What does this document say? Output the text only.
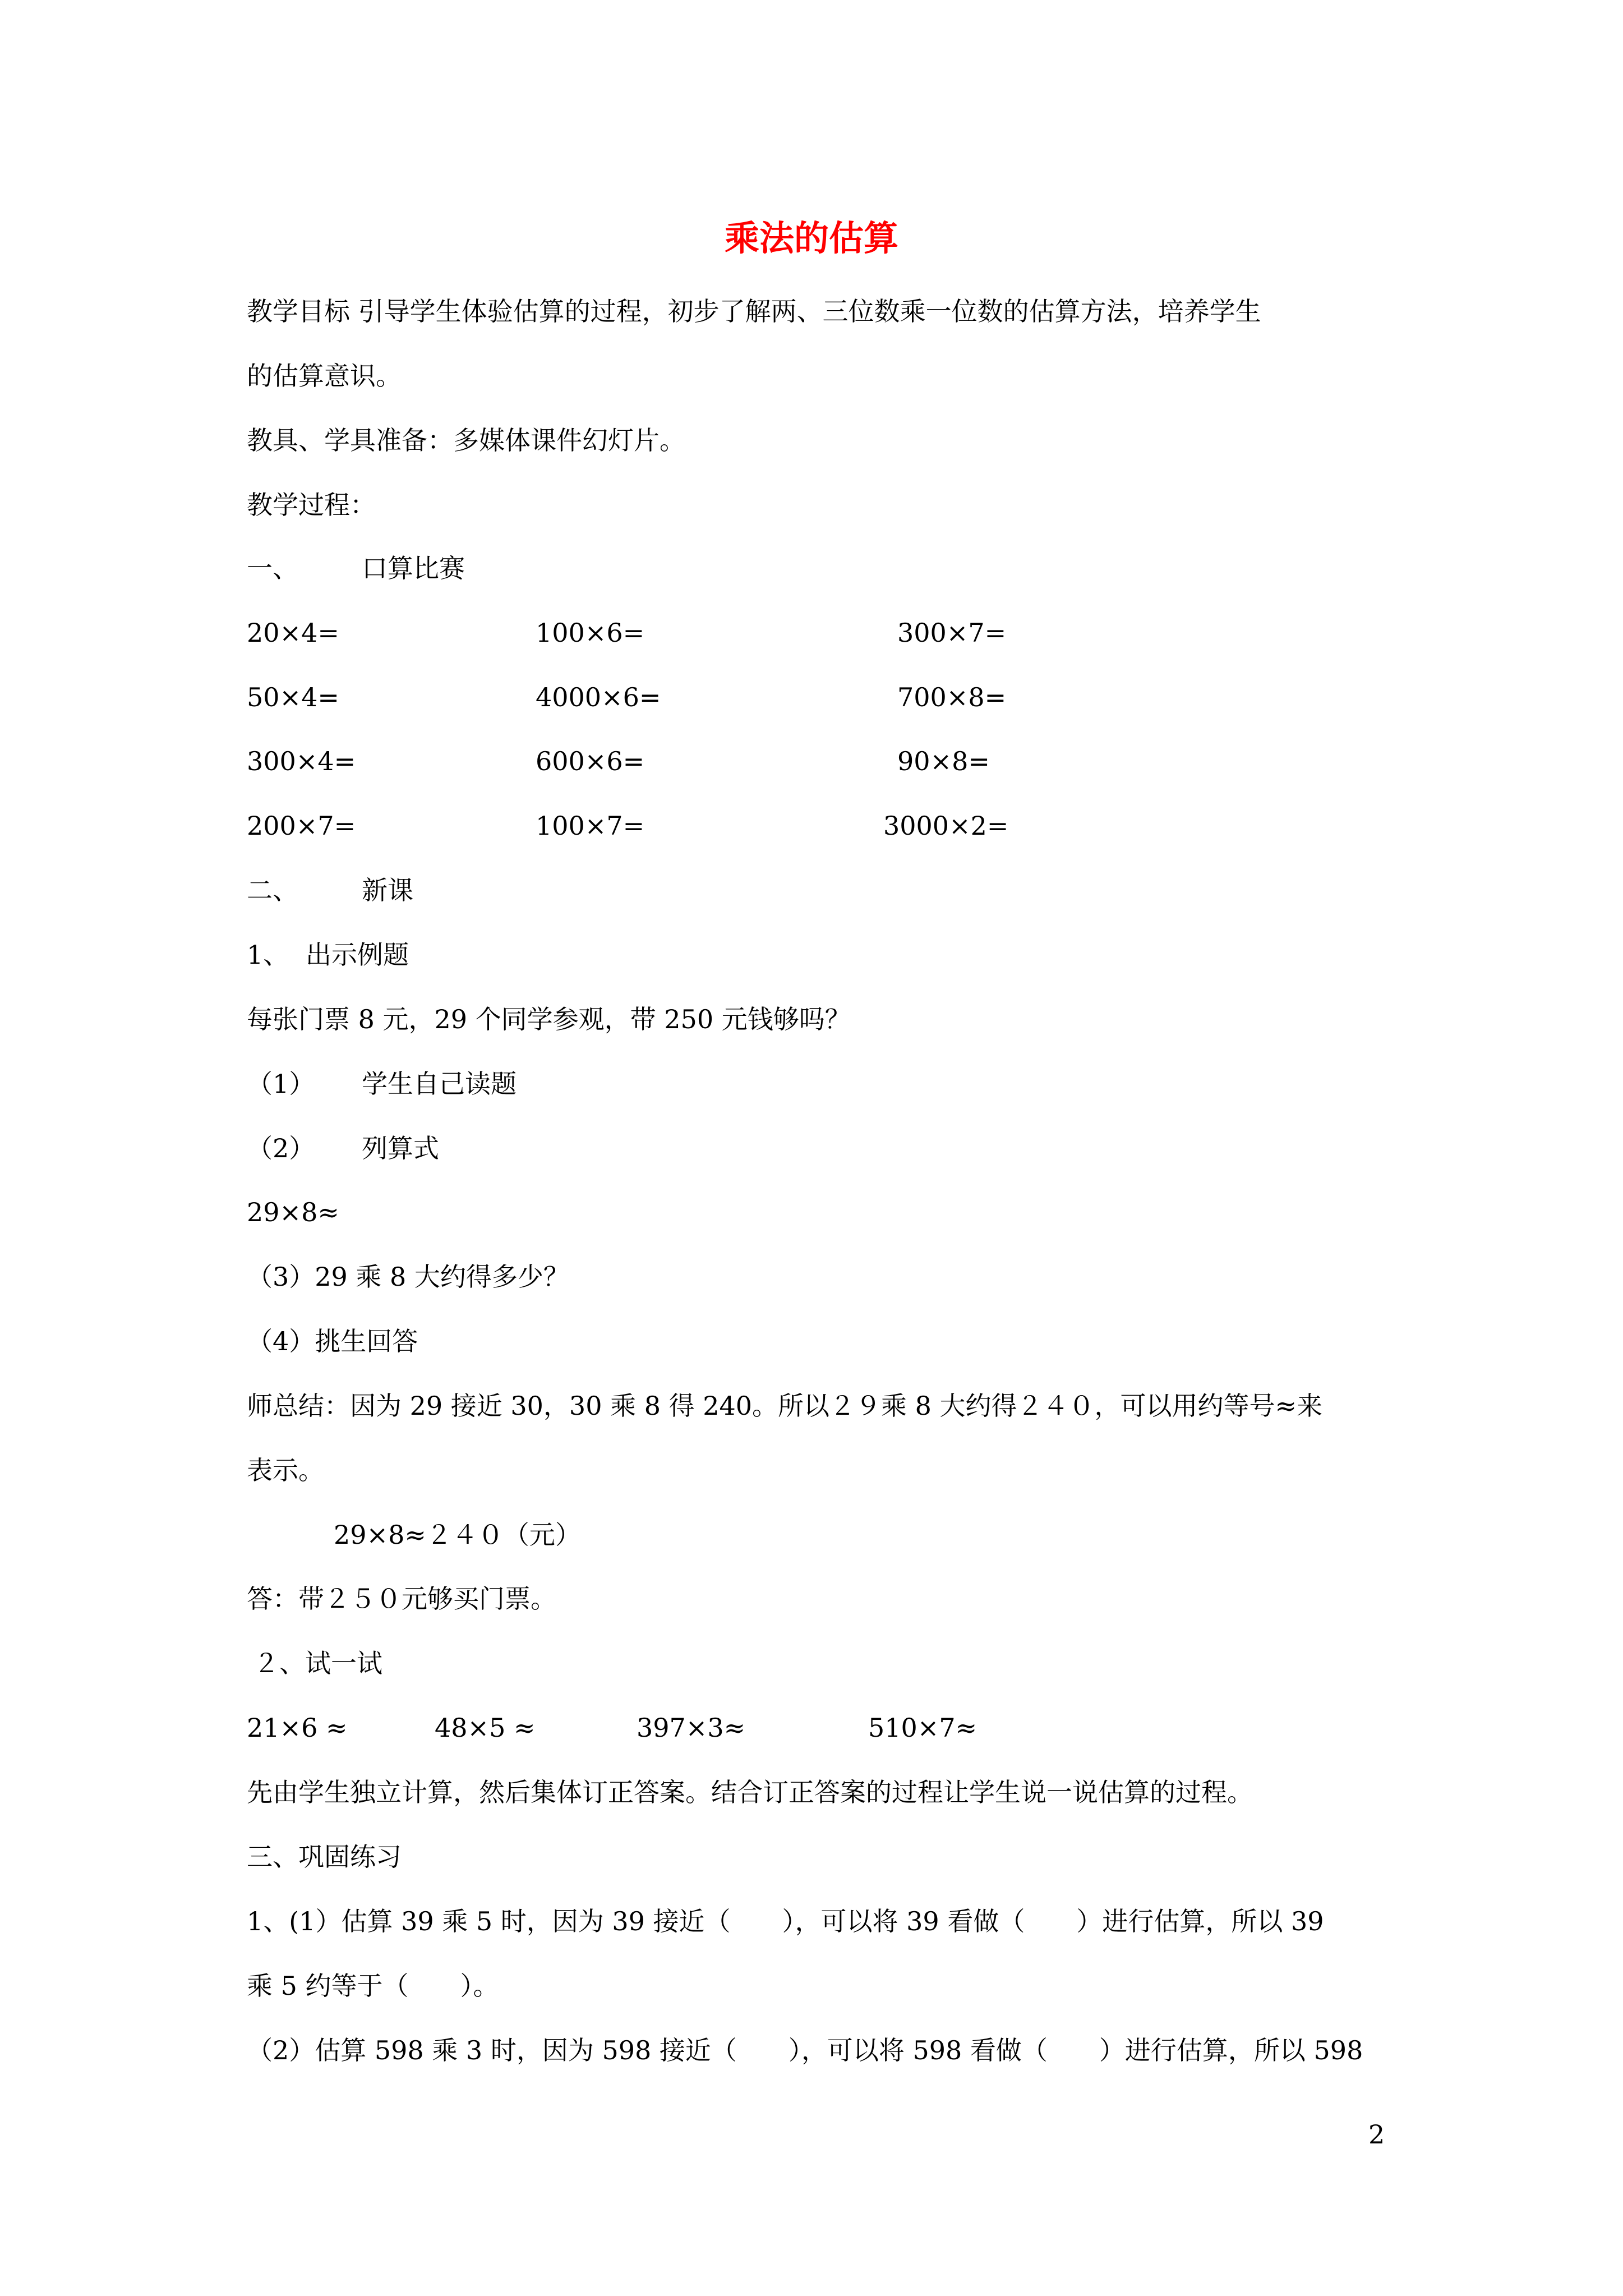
乘法的估算
教学目标 引导学生体验估算的过程，初步了解两、三位数乘一位数的估算方法，培养学生
的估算意识。
教具、学具准备：多媒体课件幻灯片。
教学过程：
一、 口算比赛
20×4=	100×6=	300×7=
50×4=	4000×6=	700×8=
300×4=	600×6=	90×8=
200×7=	100×7=	3000×2=
二、 新课
1、 出示例题
每张门票 8 元，29 个同学参观，带 250 元钱够吗？
（1） 学生自己读题
（2） 列算式
29×8≈
（3）29 乘 8 大约得多少？
（4）挑生回答
师总结：因为 29 接近 30，30 乘 8 得 240。所以２９乘 8 大约得２４０，可以用约等号≈来
表示。
29×8≈２４０（元）
答：带２５０元够买门票。
２、试一试
21×6 ≈	48×5 ≈	397×3≈	510×7≈
先由学生独立计算，然后集体订正答案。结合订正答案的过程让学生说一说估算的过程。
三、巩固练习
1、(1）估算 39 乘 5 时，因为 39 接近（　　），可以将 39 看做（　　）进行估算，所以 39
乘 5 约等于（　　）。
（2）估算 598 乘 3 时，因为 598 接近（　　），可以将 598 看做（　　）进行估算，所以 598
2
